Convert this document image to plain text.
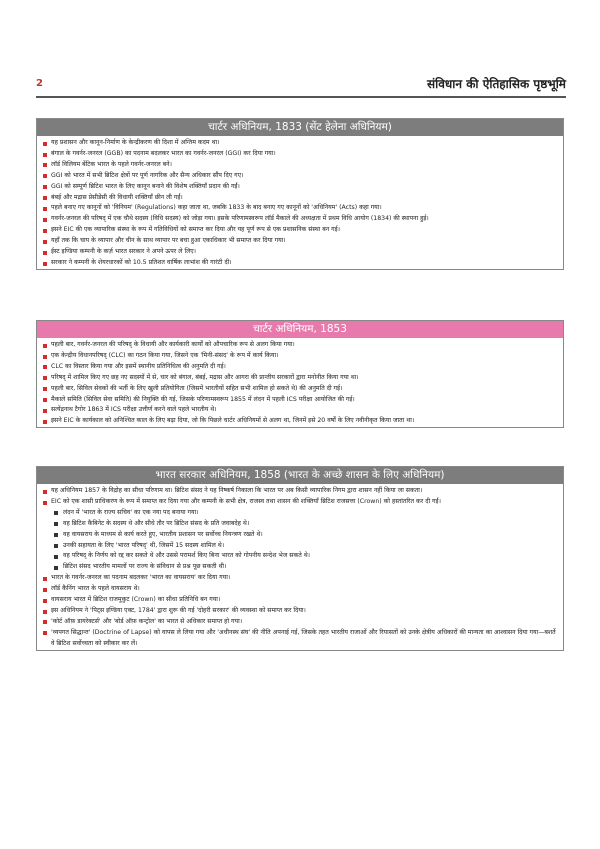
2	संविधान की ऐतिहासिक पृष्ठभूमि
चार्टर अधिनियम, 1833 (सेंट हेलेना अधिनियम)
यह प्रशासन और कानून-निर्माण के केन्द्रीकरण की दिशा में अन्तिम कदम था।
बंगाल के गवर्नर-जनरल (GGB) का पदनाम बदलकर भारत का गवर्नर-जनरल (GGI) कर दिया गया।
लॉर्ड विलियम बेंटिक भारत के पहले गवर्नर-जनरल बने।
GGI को भारत में सभी ब्रिटिश क्षेत्रों पर पूर्ण नागरिक और सैन्य अधिकार सौंप दिए गए।
GGI को सम्पूर्ण ब्रिटिश भारत के लिए कानून बनाने की विशेष शक्तियाँ प्रदान की गईं।
बंबई और मद्रास प्रेसीडेंसी की विधायी शक्तियाँ छीन ली गईं।
पहले बनाए गए कानूनों को 'विनियम' (Regulations) कहा जाता था, जबकि 1833 के बाद बनाए गए कानूनों को 'अधिनियम' (Acts) कहा गया।
गवर्नर-जनरल की परिषद् में एक चौथे सदस्य (विधि सदस्य) को जोड़ा गया। इसके परिणामस्वरूप लॉर्ड मैकाले की अध्यक्षता में प्रथम विधि आयोग (1834) की स्थापना हुई।
इसने EIC की एक व्यापारिक संस्था के रूप में गतिविधियों को समाप्त कर दिया और यह पूर्ण रूप से एक प्रशासनिक संस्था बन गई।
यहाँ तक कि चाय के व्यापार और चीन के साथ व्यापार पर बचा हुआ एकाधिकार भी समाप्त कर दिया गया।
ईस्ट इण्डिया कम्पनी के कर्ज़ भारत सरकार ने अपने ऊपर ले लिए।
सरकार ने कम्पनी के शेयरधारकों को 10.5 प्रतिशत वार्षिक लाभांश की गारंटी दी।
चार्टर अधिनियम, 1853
पहली बार, गवर्नर-जनरल की परिषद् के विधायी और कार्यकारी कार्यों को औपचारिक रूप से अलग किया गया।
एक केन्द्रीय विधानपरिषद् (CLC) का गठन किया गया, जिसने एक 'मिनी-संसद' के रूप में कार्य किया।
CLC का विस्तार किया गया और इसमें स्थानीय प्रतिनिधित्व की अनुमति दी गई।
परिषद् में शामिल किए गए छह नए सदस्यों में से, चार को बंगाल, बंबई, मद्रास और आगरा की प्रान्तीय सरकारों द्वारा मनोनीत किया गया था।
पहली बार, सिविल सेवकों की भर्ती के लिए खुली प्रतियोगिता (जिसमें भारतीयों सहित सभी शामिल हो सकते थे) की अनुमति दी गई।
मैकाले समिति (सिविल सेवा समिति) की नियुक्ति की गई, जिसके परिणामस्वरूप 1855 में लंदन में पहली ICS परीक्षा आयोजित की गई।
सत्येंद्रनाथ टैगोर 1863 में ICS परीक्षा उत्तीर्ण करने वाले पहले भारतीय थे।
इसने EIC के कार्यकाल को अनिश्चित काल के लिए बढ़ा दिया, जो कि पिछले चार्टर अधिनियमों से अलग था, जिनमें इसे 20 वर्षों के लिए नवीनीकृत किया जाता था।
भारत सरकार अधिनियम, 1858 (भारत के अच्छे शासन के लिए अधिनियम)
यह अधिनियम 1857 के विद्रोह का सीधा परिणाम था। ब्रिटिश संसद ने यह निष्कर्ष निकाला कि भारत पर अब किसी व्यापारिक निगम द्वारा शासन नहीं किया जा सकता।
EIC को एक शासी प्राधिकरण के रूप में समाप्त कर दिया गया और कम्पनी के सभी क्षेत्र, राजस्व तथा शासन की शक्तियाँ ब्रिटिश राजसत्ता (Crown) को हस्तांतरित कर दी गईं।
लंदन में 'भारत के राज्य सचिव' का एक नया पद बनाया गया।
वह ब्रिटिश कैबिनेट के सदस्य थे और सीधे तौर पर ब्रिटिश संसद के प्रति जवाबदेह थे।
वह वायसराय के माध्यम से कार्य करते हुए, भारतीय प्रशासन पर सर्वोच्च नियन्त्रण रखते थे।
उनकी सहायता के लिए 'भारत परिषद्' थी, जिसमें 15 सदस्य शामिल थे।
वह परिषद् के निर्णय को रद्द कर सकते थे और उससे परामर्श किए बिना भारत को गोपनीय सन्देश भेज सकते थे।
ब्रिटिश संसद भारतीय मामलों पर राज्य के संविधान से प्रश्न पूछ सकती थी।
भारत के गवर्नर-जनरल का पदनाम बदलकर 'भारत का वायसराय' कर दिया गया।
लॉर्ड कैनिंग भारत के पहले वायसराय थे।
वायसराय भारत में ब्रिटिश राजमुकुट (Crown) का सीधा प्रतिनिधि बन गया।
इस अधिनियम ने 'पिट्स इण्डिया एक्ट, 1784' द्वारा शुरू की गई 'दोहरी सरकार' की व्यवस्था को समाप्त कर दिया।
'कोर्ट ऑफ़ डायरेक्टर्स' और 'बोर्ड ऑफ़ कन्ट्रोल' का भारत से अधिकार समाप्त हो गया।
'व्यपगत सिद्धान्त' (Doctrine of Lapse) को वापस ले लिया गया और 'अधीनस्थ संघ' की नीति अपनाई गई, जिसके तहत भारतीय राजाओं और रियासतों को उनके क्षेत्रीय अधिकारों की मान्यता का आश्वासन दिया गया—बशर्ते वे ब्रिटिश सर्वोच्चता को स्वीकार कर लें।
